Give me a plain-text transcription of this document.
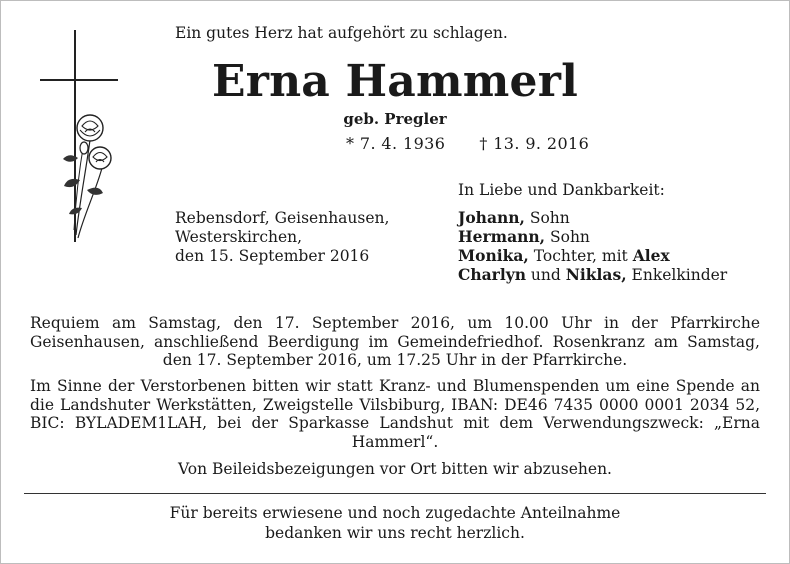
Ein gutes Herz hat aufgehört zu schlagen.
Erna Hammerl
geb. Pregler
* 7. 4. 1936 † 13. 9. 2016
In Liebe und Dankbarkeit:
Rebensdorf, Geisenhausen,
Westerskirchen,
den 15. September 2016
Johann, Sohn
Hermann, Sohn
Monika, Tochter, mit Alex
Charlyn und Niklas, Enkelkinder
Requiem am Samstag, den 17. September 2016, um 10.00 Uhr in der Pfarrkirche Geisenhausen, anschließend Beerdigung im Gemeindefriedhof. Rosenkranz am Samstag, den 17. September 2016, um 17.25 Uhr in der Pfarrkirche.
Im Sinne der Verstorbenen bitten wir statt Kranz- und Blumenspenden um eine Spende an die Landshuter Werkstätten, Zweigstelle Vilsbiburg, IBAN: DE46 7435 0000 0001 2034 52, BIC: BYLADEM1LAH, bei der Sparkasse Landshut mit dem Verwendungszweck: „Erna Hammerl“.
Von Beileidsbezeigungen vor Ort bitten wir abzusehen.
Für bereits erwiesene und noch zugedachte Anteilnahme
bedanken wir uns recht herzlich.
